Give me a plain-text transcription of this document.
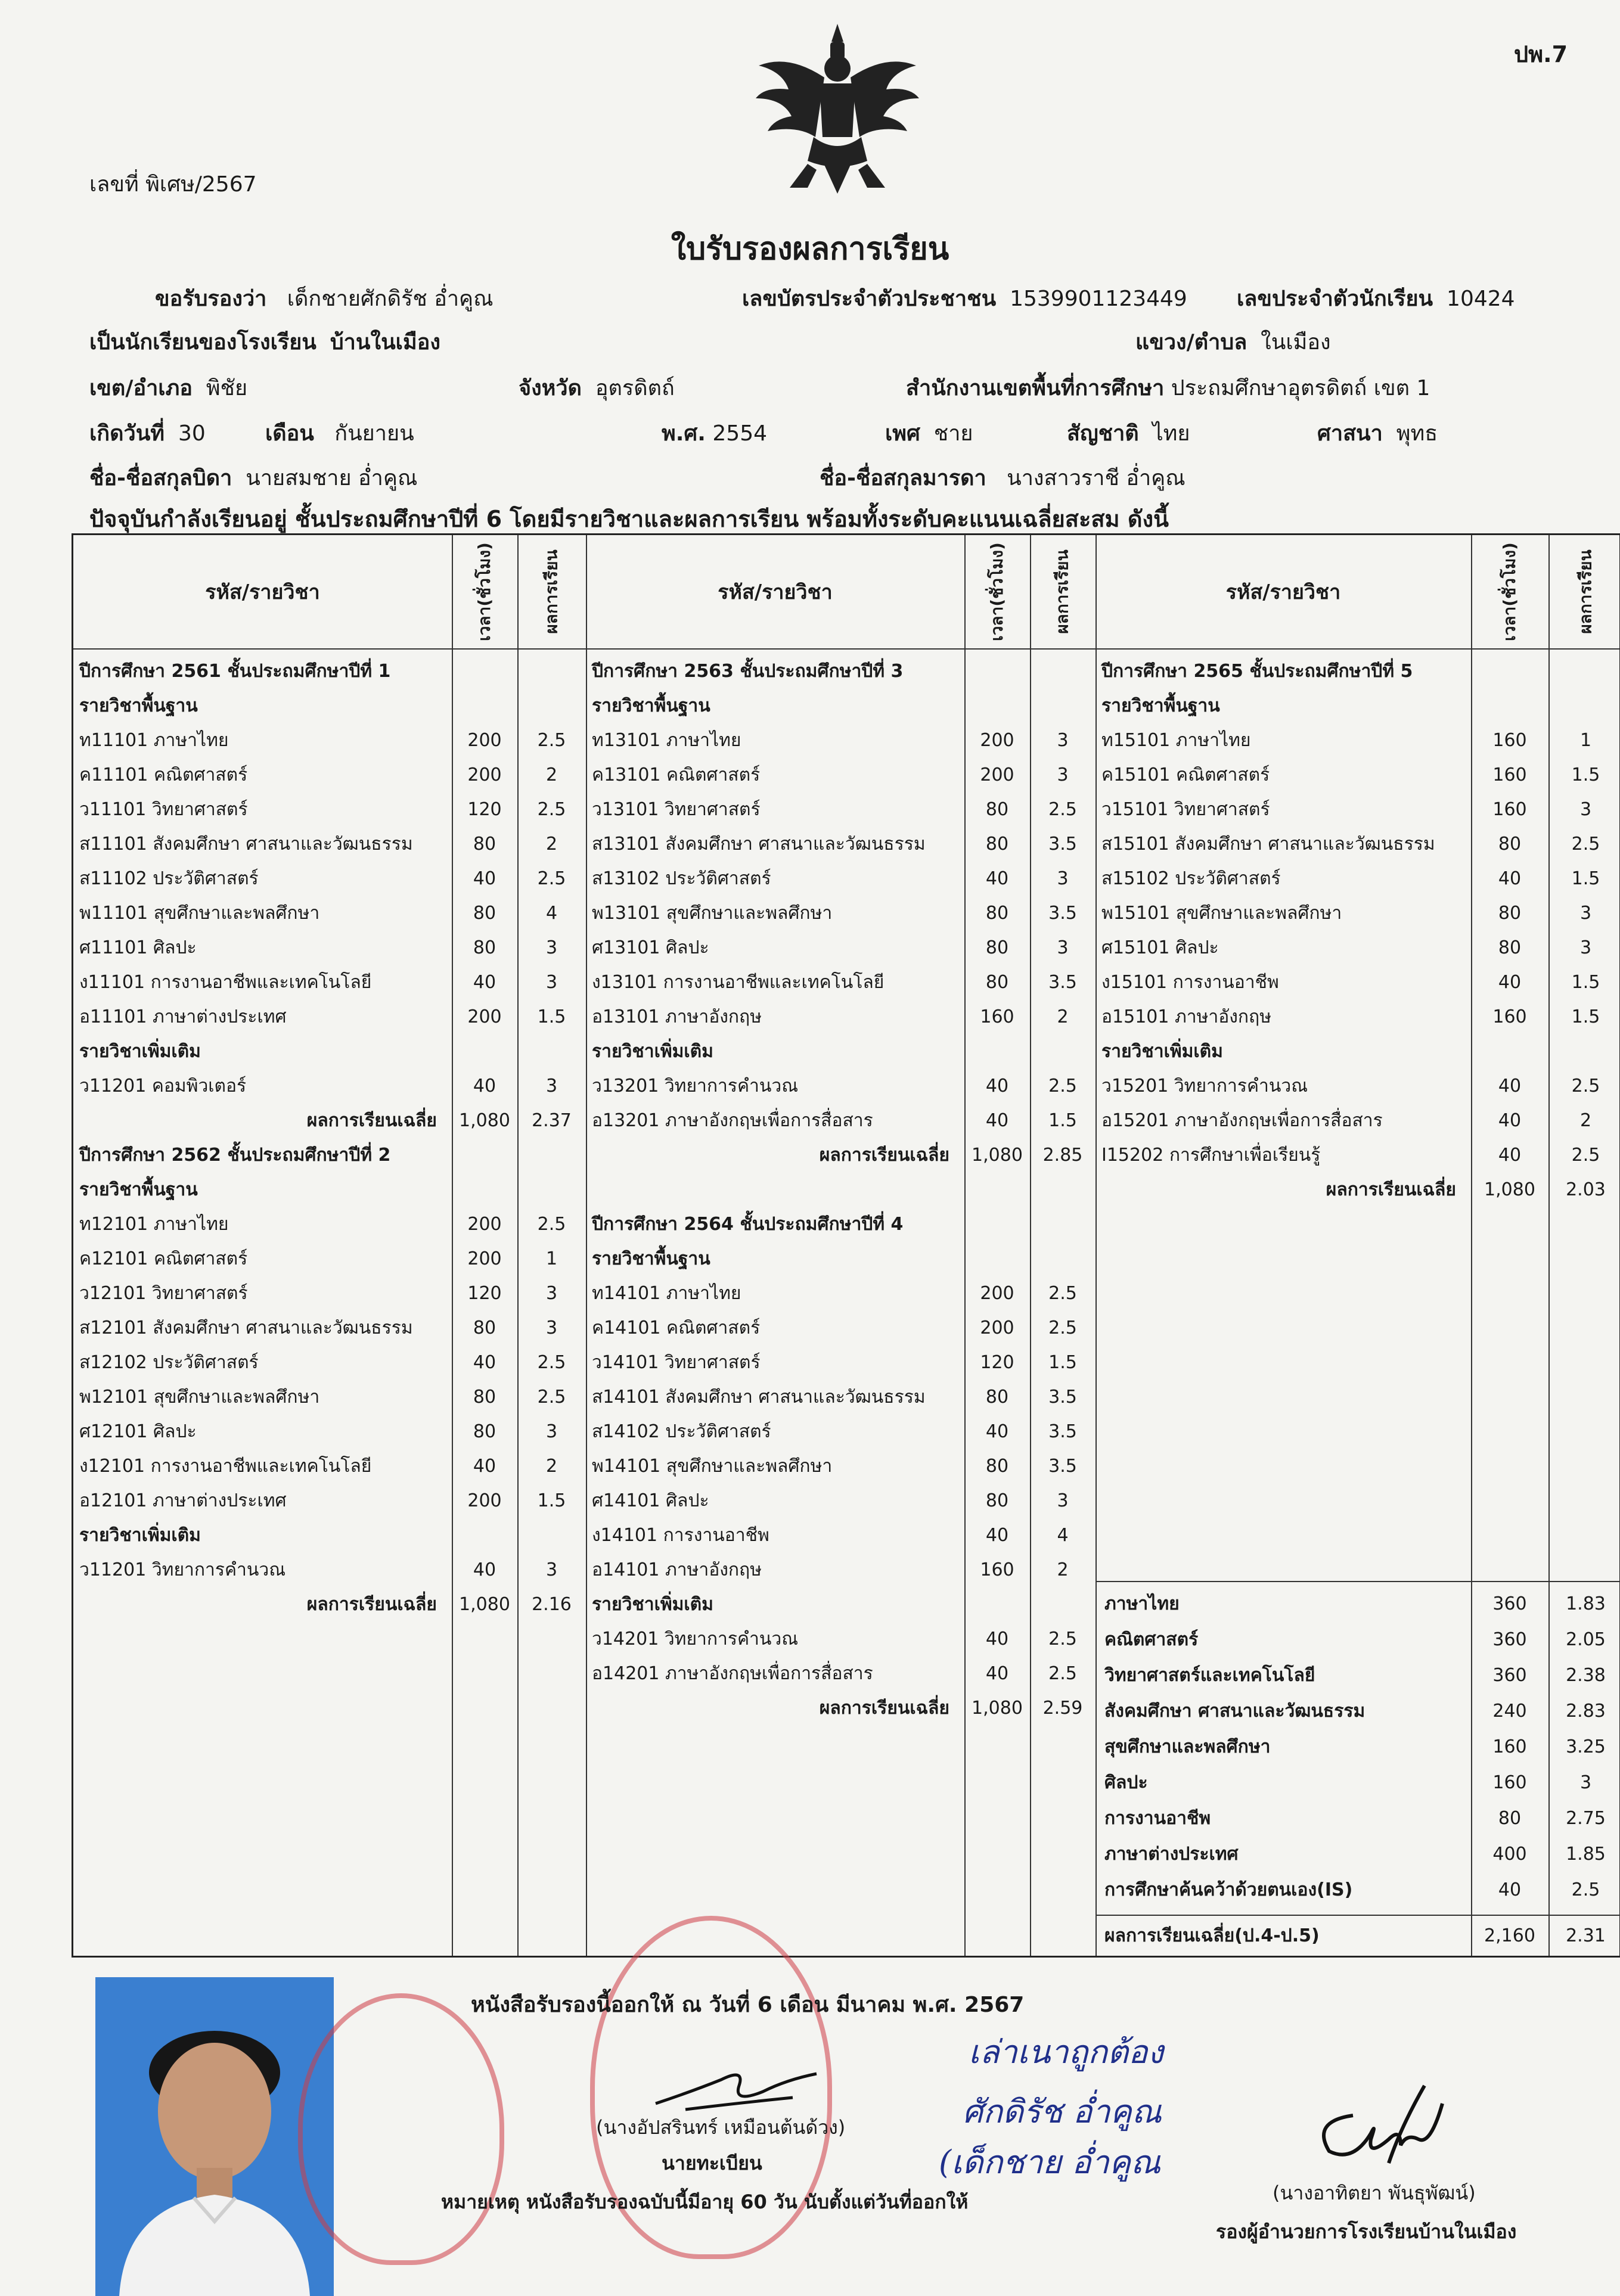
ปพ.7
เลขที่ พิเศษ/2567
ใบรับรองผลการเรียน
ขอรับรองว่า เด็กชายศักดิรัช อ่ำคูณ	เลขบัตรประจำตัวประชาชน 1539901123449 เลขประจำตัวนักเรียน 10424
เป็นนักเรียนของโรงเรียน บ้านในเมือง	แขวง/ตำบล ในเมือง
เขต/อำเภอ พิชัย	จังหวัด อุตรดิตถ์	สำนักงานเขตพื้นที่การศึกษา ประถมศึกษาอุตรดิตถ์ เขต 1
เกิดวันที่ 30	เดือน กันยายน	พ.ศ. 2554	เพศ ชาย	สัญชาติ ไทย	ศาสนา พุทธ
ชื่อ-ชื่อสกุลบิดา นายสมชาย อ่ำคูณ	ชื่อ-ชื่อสกุลมารดา นางสาวราชี อ่ำคูณ
ปัจจุบันกำลังเรียนอยู่ ชั้นประถมศึกษาปีที่ 6 โดยมีรายวิชาและผลการเรียน พร้อมทั้งระดับคะแนนเฉลี่ยสะสม ดังนี้
รหัส/รายวิชา	เวลา(ชั่วโมง)	ผลการเรียน	รหัส/รายวิชา	เวลา(ชั่วโมง)	ผลการเรียน	รหัส/รายวิชา	เวลา(ชั่วโมง)	ผลการเรียน
ปีการศึกษา 2561 ชั้นประถมศึกษาปีที่ 1
รายวิชาพื้นฐาน
ท11101 ภาษาไทย	200	2.5
ค11101 คณิตศาสตร์	200	2
ว11101 วิทยาศาสตร์	120	2.5
ส11101 สังคมศึกษา ศาสนาและวัฒนธรรม	80	2
ส11102 ประวัติศาสตร์	40	2.5
พ11101 สุขศึกษาและพลศึกษา	80	4
ศ11101 ศิลปะ	80	3
ง11101 การงานอาชีพและเทคโนโลยี	40	3
อ11101 ภาษาต่างประเทศ	200	1.5
รายวิชาเพิ่มเติม
ว11201 คอมพิวเตอร์	40	3
ผลการเรียนเฉลี่ย	1,080	2.37
ปีการศึกษา 2562 ชั้นประถมศึกษาปีที่ 2
รายวิชาพื้นฐาน
ท12101 ภาษาไทย	200	2.5
ค12101 คณิตศาสตร์	200	1
ว12101 วิทยาศาสตร์	120	3
ส12101 สังคมศึกษา ศาสนาและวัฒนธรรม	80	3
ส12102 ประวัติศาสตร์	40	2.5
พ12101 สุขศึกษาและพลศึกษา	80	2.5
ศ12101 ศิลปะ	80	3
ง12101 การงานอาชีพและเทคโนโลยี	40	2
อ12101 ภาษาต่างประเทศ	200	1.5
รายวิชาเพิ่มเติม
ว11201 วิทยาการคำนวณ	40	3
ผลการเรียนเฉลี่ย	1,080	2.16
ปีการศึกษา 2563 ชั้นประถมศึกษาปีที่ 3
รายวิชาพื้นฐาน
ท13101 ภาษาไทย	200	3
ค13101 คณิตศาสตร์	200	3
ว13101 วิทยาศาสตร์	80	2.5
ส13101 สังคมศึกษา ศาสนาและวัฒนธรรม	80	3.5
ส13102 ประวัติศาสตร์	40	3
พ13101 สุขศึกษาและพลศึกษา	80	3.5
ศ13101 ศิลปะ	80	3
ง13101 การงานอาชีพและเทคโนโลยี	80	3.5
อ13101 ภาษาอังกฤษ	160	2
รายวิชาเพิ่มเติม
ว13201 วิทยาการคำนวณ	40	2.5
อ13201 ภาษาอังกฤษเพื่อการสื่อสาร	40	1.5
ผลการเรียนเฉลี่ย	1,080	2.85
ปีการศึกษา 2564 ชั้นประถมศึกษาปีที่ 4
รายวิชาพื้นฐาน
ท14101 ภาษาไทย	200	2.5
ค14101 คณิตศาสตร์	200	2.5
ว14101 วิทยาศาสตร์	120	1.5
ส14101 สังคมศึกษา ศาสนาและวัฒนธรรม	80	3.5
ส14102 ประวัติศาสตร์	40	3.5
พ14101 สุขศึกษาและพลศึกษา	80	3.5
ศ14101 ศิลปะ	80	3
ง14101 การงานอาชีพ	40	4
อ14101 ภาษาอังกฤษ	160	2
รายวิชาเพิ่มเติม
ว14201 วิทยาการคำนวณ	40	2.5
อ14201 ภาษาอังกฤษเพื่อการสื่อสาร	40	2.5
ผลการเรียนเฉลี่ย	1,080	2.59
ปีการศึกษา 2565 ชั้นประถมศึกษาปีที่ 5
รายวิชาพื้นฐาน
ท15101 ภาษาไทย	160	1
ค15101 คณิตศาสตร์	160	1.5
ว15101 วิทยาศาสตร์	160	3
ส15101 สังคมศึกษา ศาสนาและวัฒนธรรม	80	2.5
ส15102 ประวัติศาสตร์	40	1.5
พ15101 สุขศึกษาและพลศึกษา	80	3
ศ15101 ศิลปะ	80	3
ง15101 การงานอาชีพ	40	1.5
อ15101 ภาษาอังกฤษ	160	1.5
รายวิชาเพิ่มเติม
ว15201 วิทยาการคำนวณ	40	2.5
อ15201 ภาษาอังกฤษเพื่อการสื่อสาร	40	2
I15202 การศึกษาเพื่อเรียนรู้	40	2.5
ผลการเรียนเฉลี่ย	1,080	2.03
ภาษาไทย	360	1.83
คณิตศาสตร์	360	2.05
วิทยาศาสตร์และเทคโนโลยี	360	2.38
สังคมศึกษา ศาสนาและวัฒนธรรม	240	2.83
สุขศึกษาและพลศึกษา	160	3.25
ศิลปะ	160	3
การงานอาชีพ	80	2.75
ภาษาต่างประเทศ	400	1.85
การศึกษาค้นคว้าด้วยตนเอง(IS)	40	2.5
ผลการเรียนเฉลี่ย(ป.4-ป.5)	2,160	2.31
หนังสือรับรองนี้ออกให้ ณ วันที่ 6 เดือน มีนาคม พ.ศ. 2567
(นางอัปสรินทร์ เหมือนต้นด้วง)
นายทะเบียน
หมายเหตุ หนังสือรับรองฉบับนี้มีอายุ 60 วัน นับตั้งแต่วันที่ออกให้
เล่าเนาถูกต้อง
ศักดิรัช อ่ำคูณ
(เด็กชาย อ่ำคูณ
(นางอาทิตยา พันธุพัฒน์)
รองผู้อำนวยการโรงเรียนบ้านในเมือง
